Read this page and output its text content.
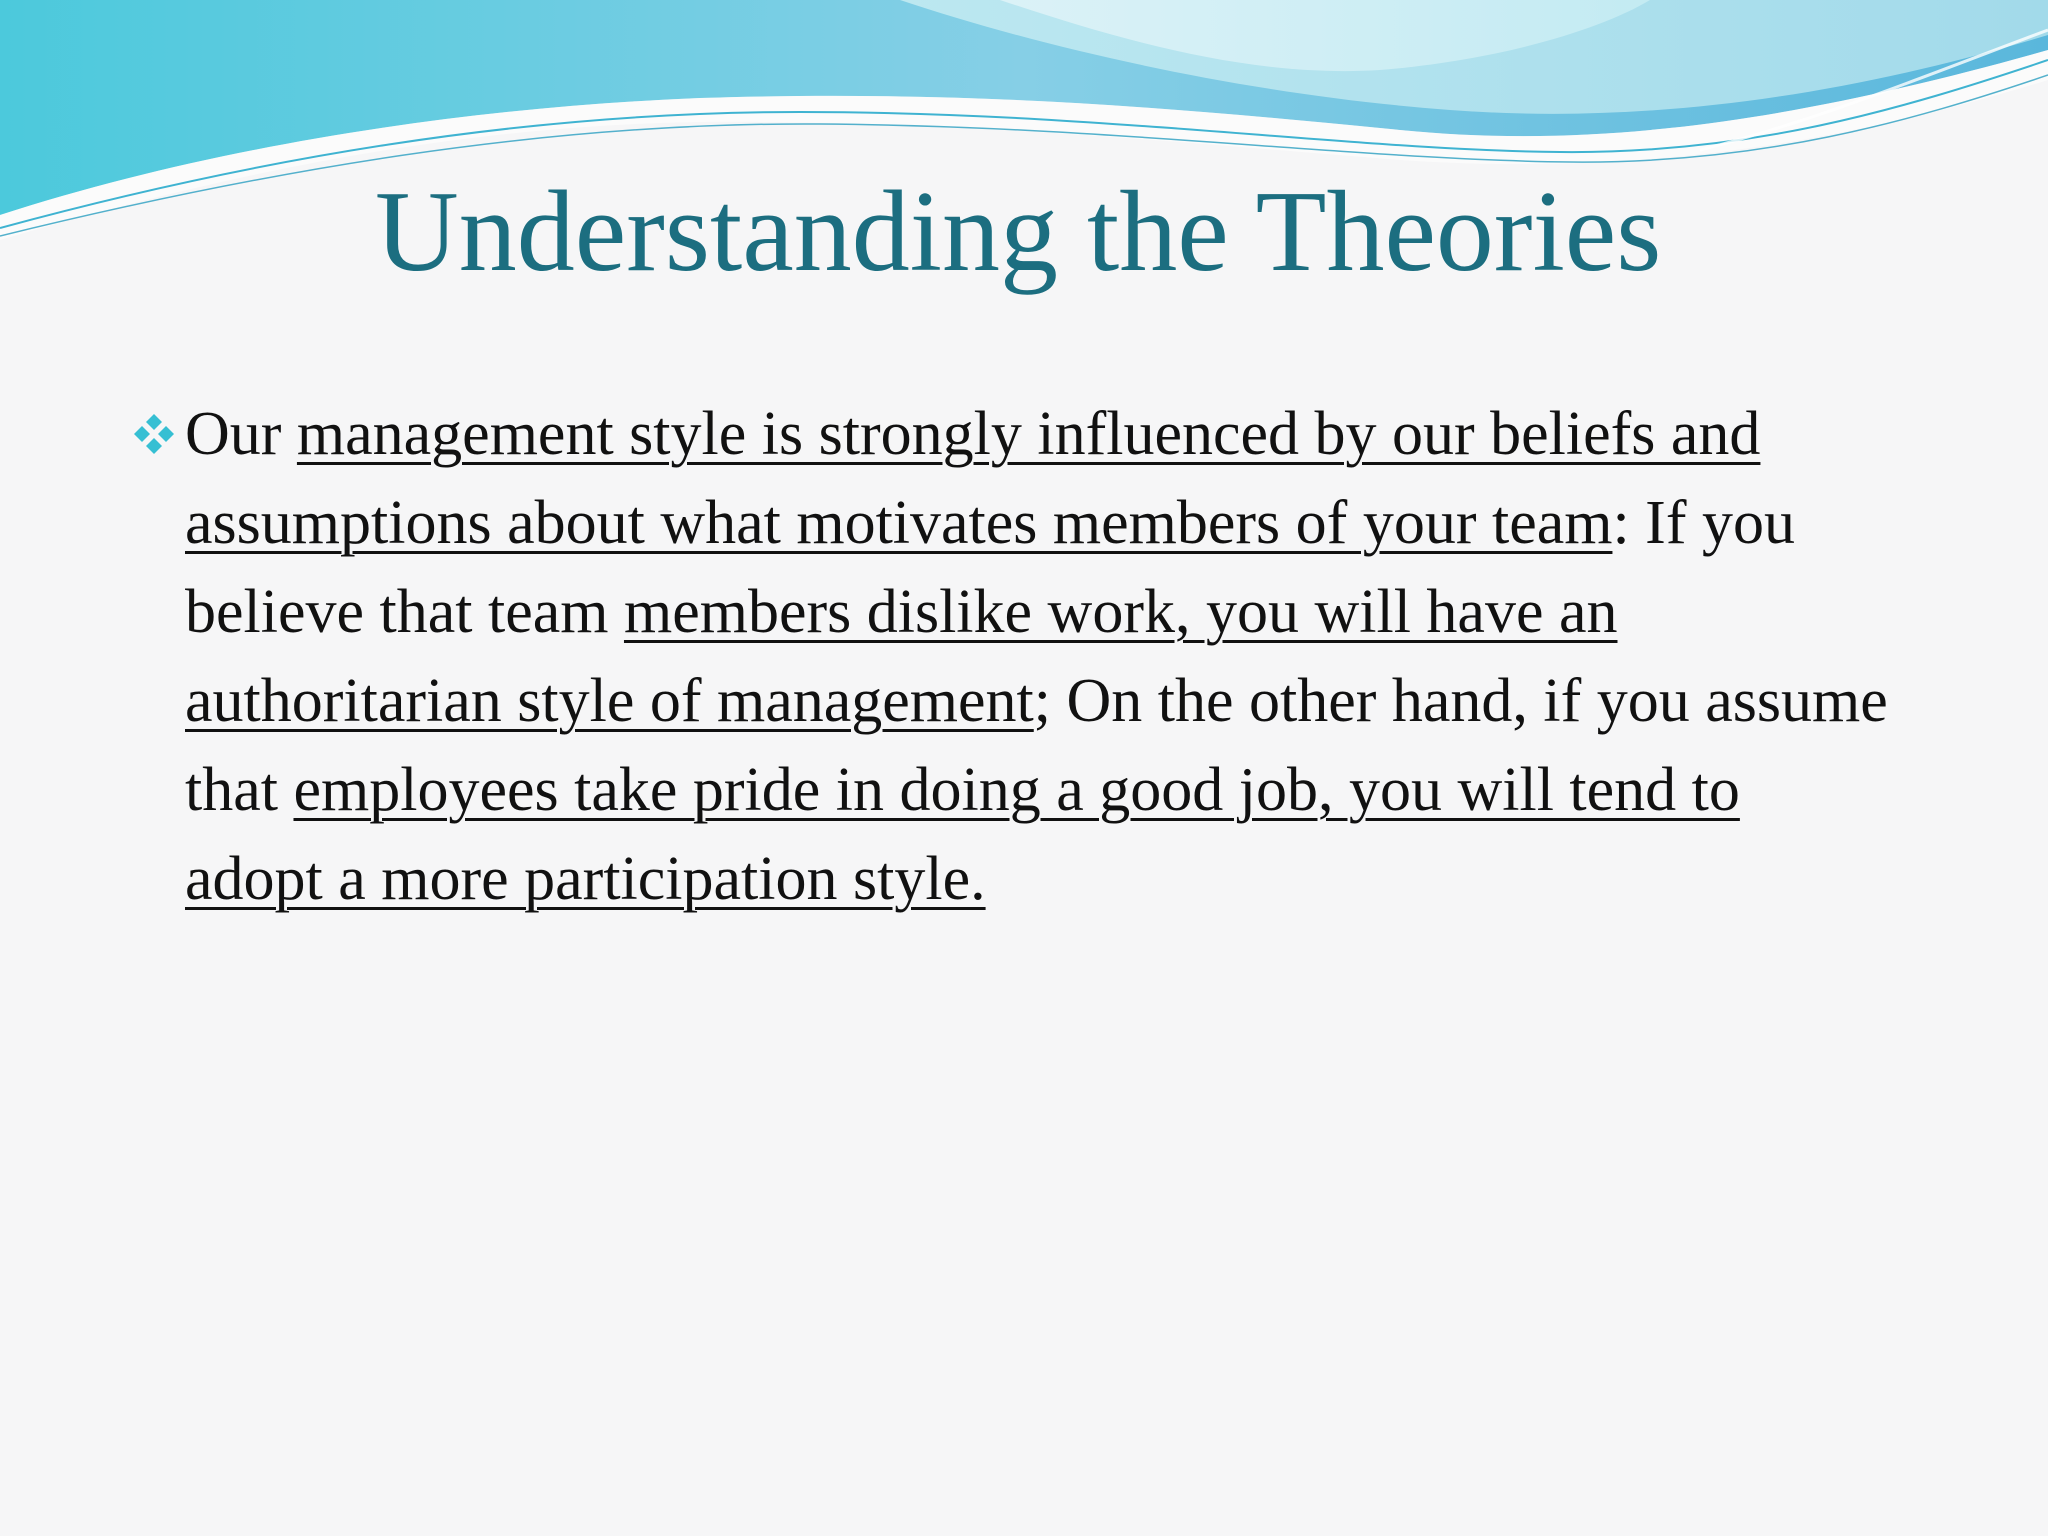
Understanding the Theories
Our management style is strongly influenced by our beliefs and assumptions about what motivates members of your team: If you believe that team members dislike work, you will have an authoritarian style of management; On the other hand, if you assume that employees take pride in doing a good job, you will tend to adopt a more participation style.
